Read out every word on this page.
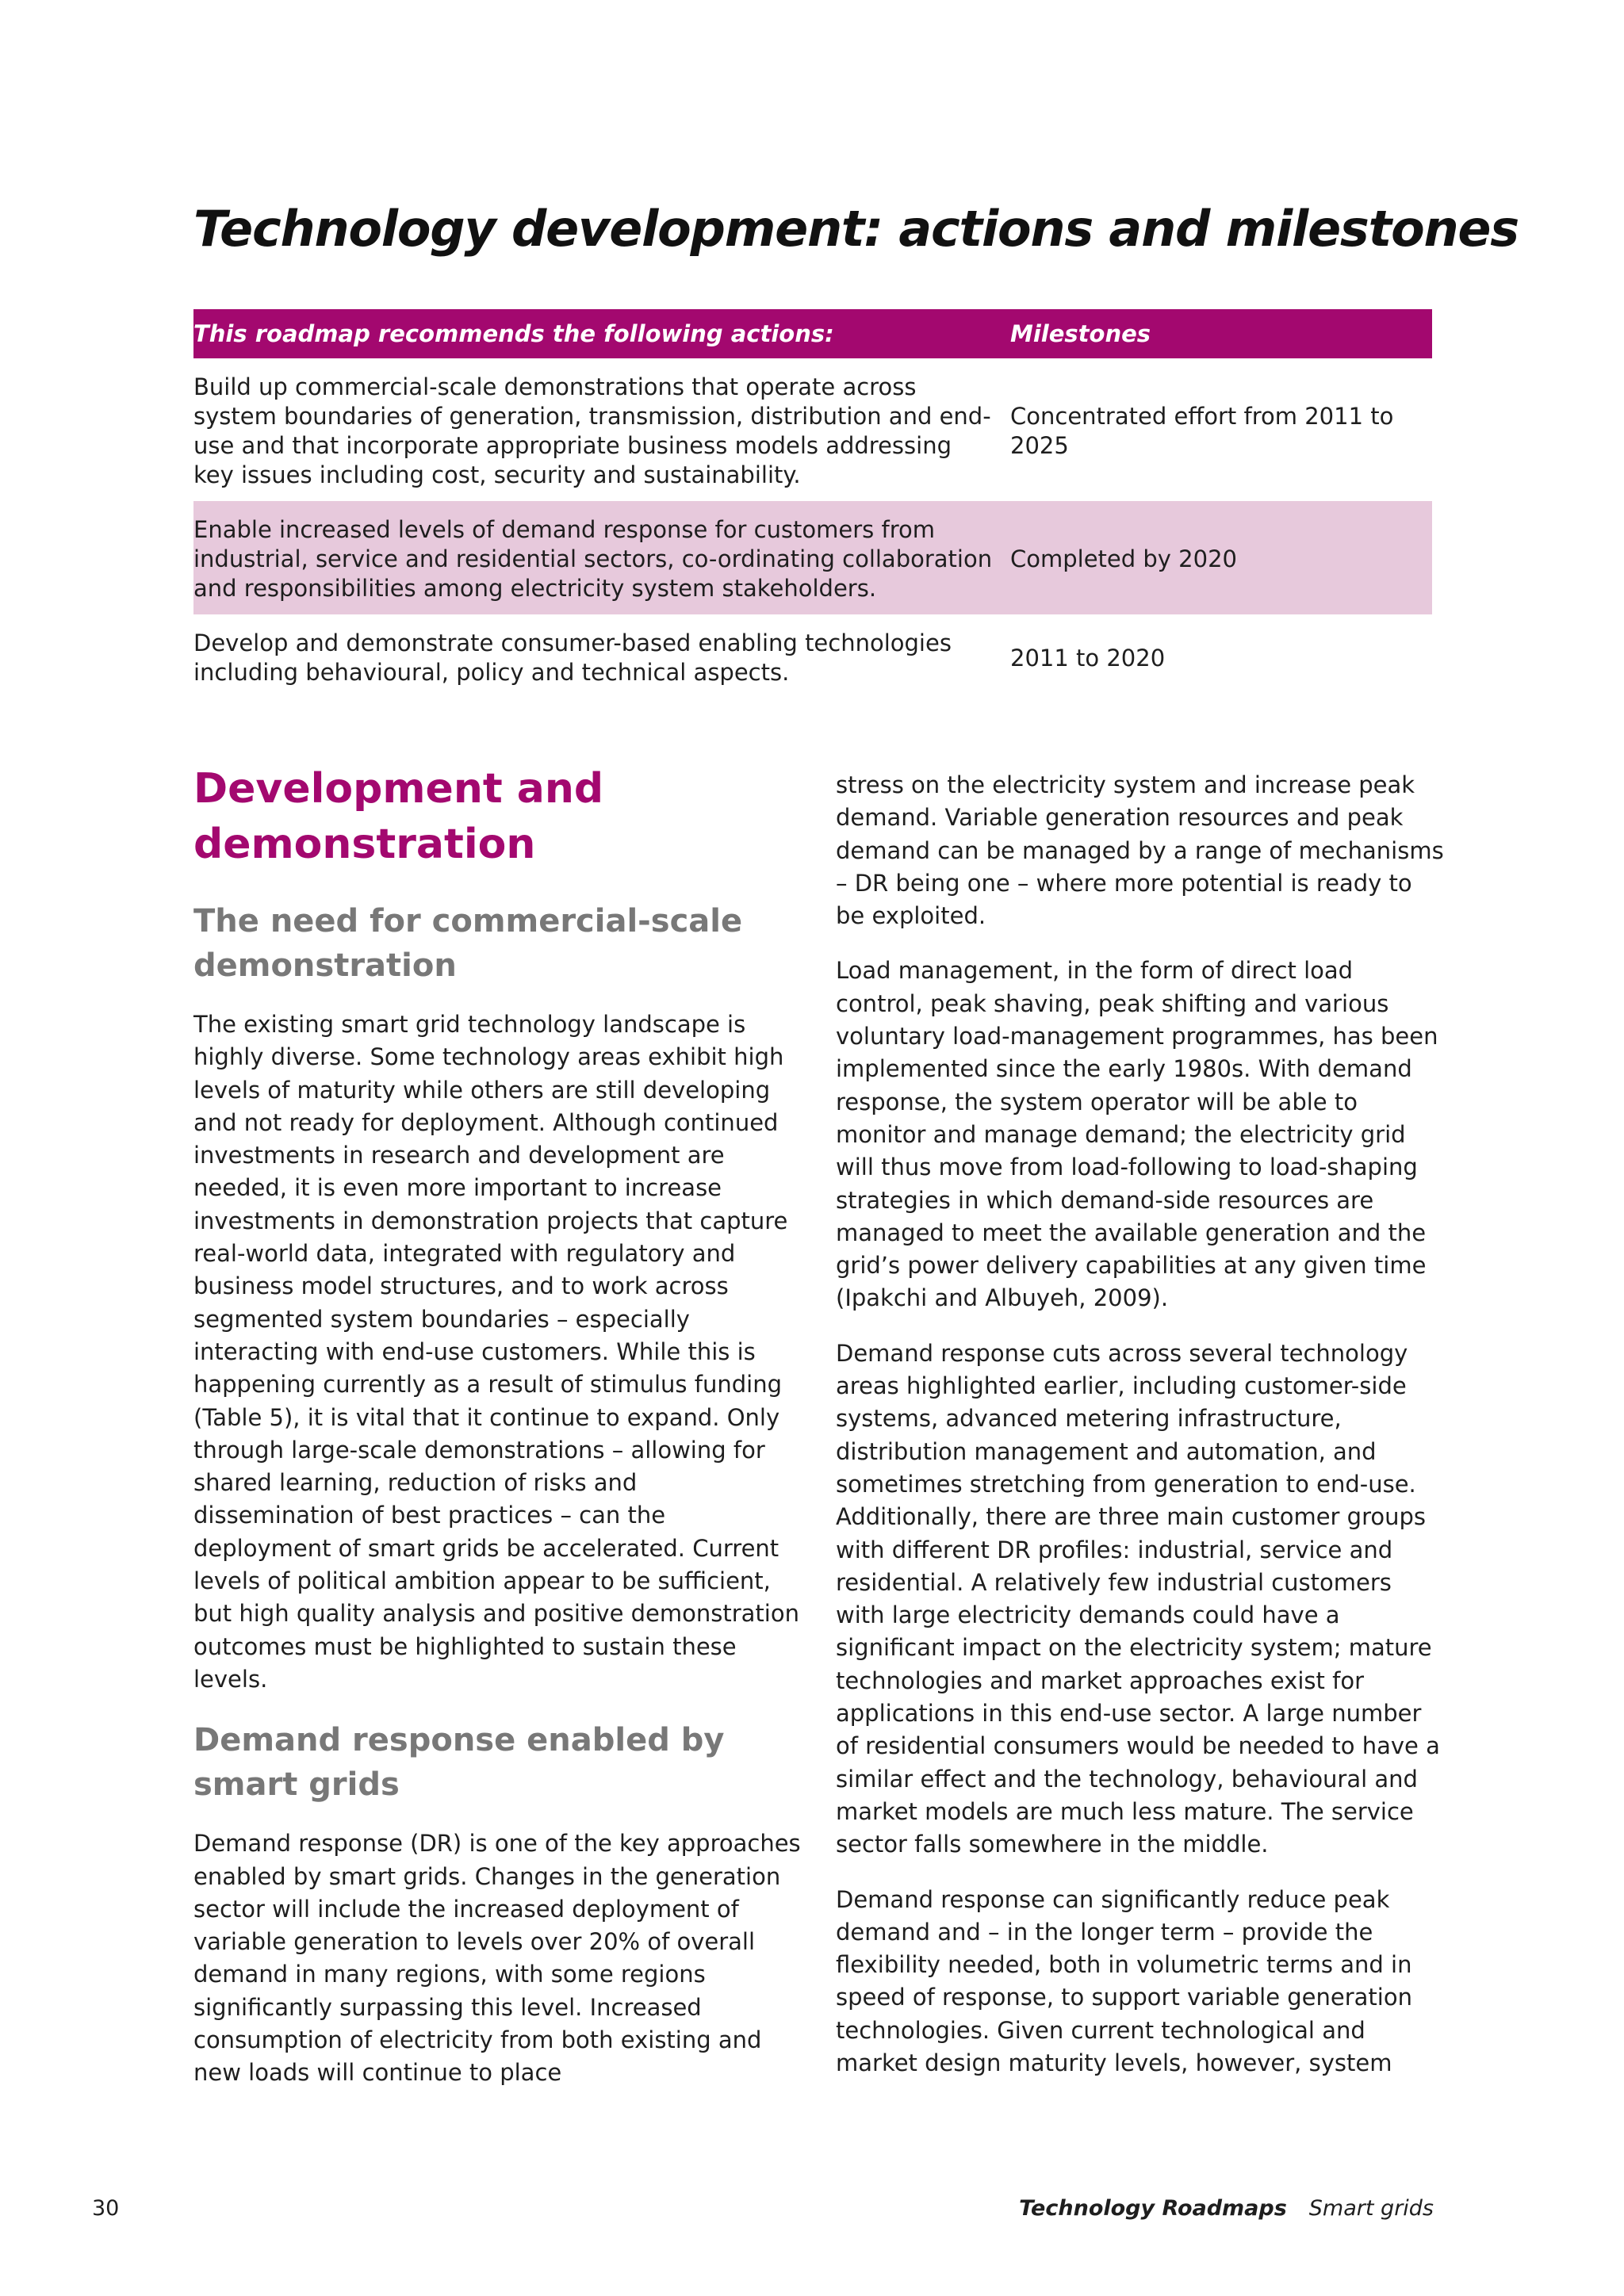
Technology development: actions and milestones
This roadmap recommends the following actions:	Milestones
Build up commercial-scale demonstrations that operate across system boundaries of generation, transmission, distribution and end-use and that incorporate appropriate business models addressing key issues including cost, security and sustainability.	Concentrated effort from 2011 to 2025
Enable increased levels of demand response for customers from industrial, service and residential sectors, co-ordinating collaboration and responsibilities among electricity system stakeholders.	Completed by 2020
Develop and demonstrate consumer-based enabling technologies including behavioural, policy and technical aspects.	2011 to 2020
Development and demonstration
The need for commercial-scale demonstration

The existing smart grid technology landscape is highly diverse. Some technology areas exhibit high levels of maturity while others are still developing and not ready for deployment. Although continued investments in research and development are needed, it is even more important to increase investments in demonstration projects that capture real-world data, integrated with regulatory and business model structures, and to work across segmented system boundaries – especially interacting with end-use customers. While this is happening currently as a result of stimulus funding (Table 5), it is vital that it continue to expand. Only through large-scale demonstrations – allowing for shared learning, reduction of risks and dissemination of best practices – can the deployment of smart grids be accelerated. Current levels of political ambition appear to be sufficient, but high quality analysis and positive demonstration outcomes must be highlighted to sustain these levels.

Demand response enabled by smart grids

Demand response (DR) is one of the key approaches enabled by smart grids. Changes in the generation sector will include the increased deployment of variable generation to levels over 20% of overall demand in many regions, with some regions significantly surpassing this level. Increased consumption of electricity from both existing and new loads will continue to place

stress on the electricity system and increase peak demand. Variable generation resources and peak demand can be managed by a range of mechanisms – DR being one – where more potential is ready to be exploited.

Load management, in the form of direct load control, peak shaving, peak shifting and various voluntary load-management programmes, has been implemented since the early 1980s. With demand response, the system operator will be able to monitor and manage demand; the electricity grid will thus move from load-following to load-shaping strategies in which demand-side resources are managed to meet the available generation and the grid’s power delivery capabilities at any given time (Ipakchi and Albuyeh, 2009).

Demand response cuts across several technology areas highlighted earlier, including customer-side systems, advanced metering infrastructure, distribution management and automation, and sometimes stretching from generation to end-use. Additionally, there are three main customer groups with different DR profiles: industrial, service and residential. A relatively few industrial customers with large electricity demands could have a significant impact on the electricity system; mature technologies and market approaches exist for applications in this end-use sector. A large number of residential consumers would be needed to have a similar effect and the technology, behavioural and market models are much less mature. The service sector falls somewhere in the middle.

Demand response can significantly reduce peak demand and – in the longer term – provide the flexibility needed, both in volumetric terms and in speed of response, to support variable generation technologies. Given current technological and market design maturity levels, however, system

30	Technology Roadmaps Smart grids
